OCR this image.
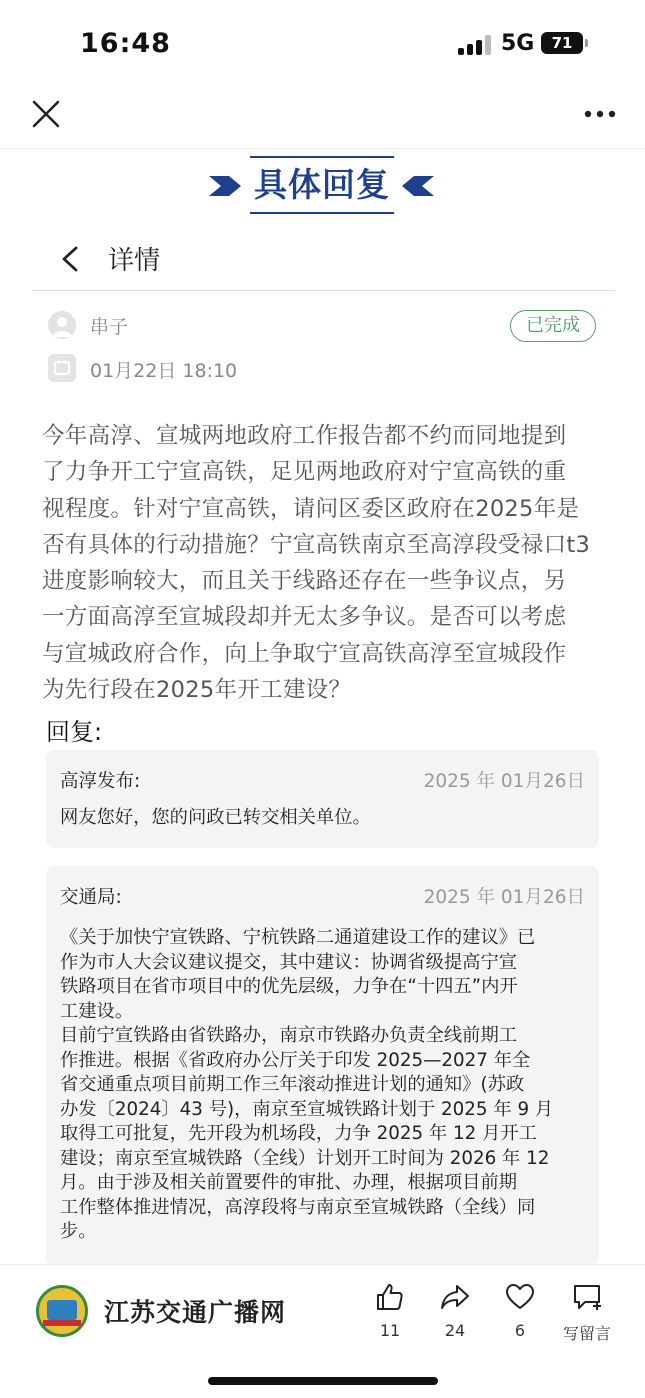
16:48	5G	71
具体回复
详情
串子	已完成
01月22日 18:10
今年高淳、宣城两地政府工作报告都不约而同地提到
了力争开工宁宣高铁，足见两地政府对宁宣高铁的重
视程度。针对宁宣高铁，请问区委区政府在2025年是
否有具体的行动措施？宁宣高铁南京至高淳段受禄口t3
进度影响较大，而且关于线路还存在一些争议点，另
一方面高淳至宣城段却并无太多争议。是否可以考虑
与宣城政府合作，向上争取宁宣高铁高淳至宣城段作
为先行段在2025年开工建设？
回复:
高淳发布:	2025 年 01月26日
网友您好，您的问政已转交相关单位。
交通局:	2025 年 01月26日
《关于加快宁宣铁路、宁杭铁路二通道建设工作的建议》已
作为市人大会议建议提交，其中建议：协调省级提高宁宣
铁路项目在省市项目中的优先层级，力争在“十四五”内开
工建设。
目前宁宣铁路由省铁路办，南京市铁路办负责全线前期工
作推进。根据《省政府办公厅关于印发 2025—2027 年全
省交通重点项目前期工作三年滚动推进计划的通知》(苏政
办发〔2024〕43 号)，南京至宣城铁路计划于 2025 年 9 月
取得工可批复，先开段为机场段，力争 2025 年 12 月开工
建设；南京至宣城铁路（全线）计划开工时间为 2026 年 12
月。由于涉及相关前置要件的审批、办理，根据项目前期
工作整体推进情况，高淳段将与南京至宣城铁路（全线）同
步。
江苏交通广播网
11	24	6	写留言
